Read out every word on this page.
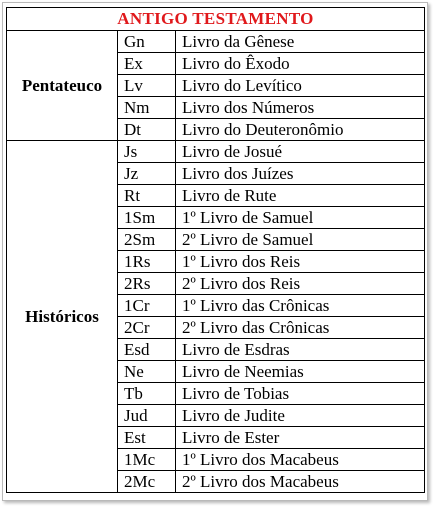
ANTIGO TESTAMENTO		
Pentateuco	Gn	Livro da Gênese
	Ex	Livro do Êxodo
	Lv	Livro do Levítico
	Nm	Livro dos Números
	Dt	Livro do Deuteronômio
Históricos	Js	Livro de Josué
	Jz	Livro dos Juízes
	Rt	Livro de Rute
	1Sm	1º Livro de Samuel
	2Sm	2º Livro de Samuel
	1Rs	1º Livro dos Reis
	2Rs	2º Livro dos Reis
	1Cr	1º Livro das Crônicas
	2Cr	2º Livro das Crônicas
	Esd	Livro de Esdras
	Ne	Livro de Neemias
	Tb	Livro de Tobias
	Jud	Livro de Judite
	Est	Livro de Ester
	1Mc	1º Livro dos Macabeus
	2Mc	2º Livro dos Macabeus
